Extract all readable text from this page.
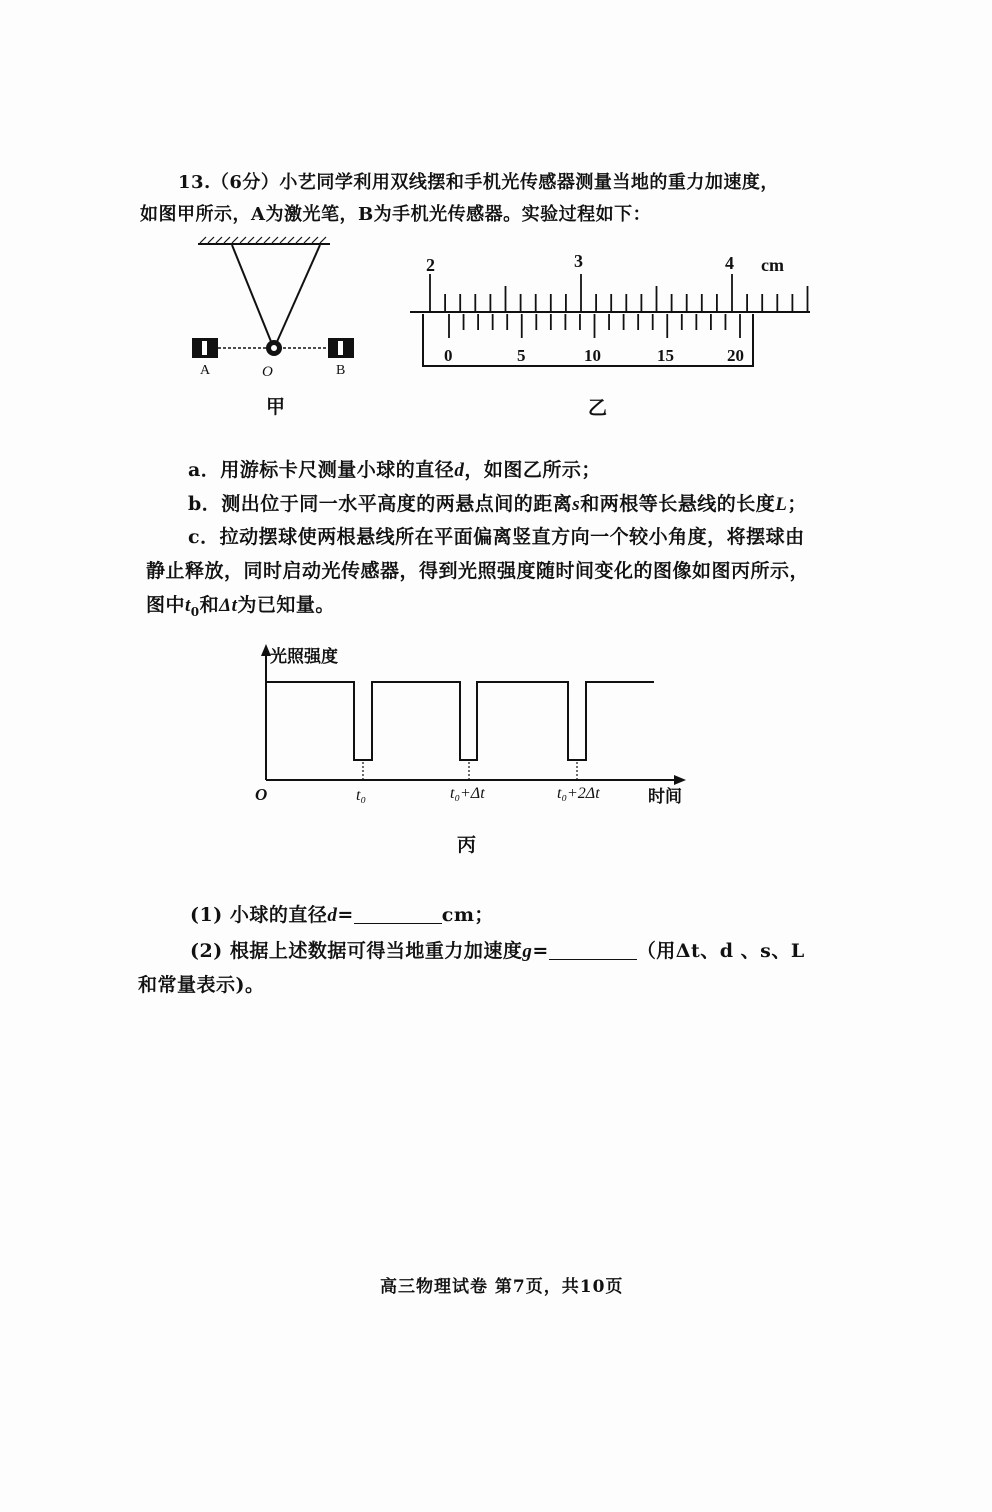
13.（6分）小艺同学利用双线摆和手机光传感器测量当地的重力加速度，
如图甲所示，A为激光笔，B为手机光传感器。实验过程如下：
A	O	B
甲
2	3	4 cm
0	5	10	15	20
乙
a．用游标卡尺测量小球的直径d，如图乙所示；
b．测出位于同一水平高度的两悬点间的距离s和两根等长悬线的长度L；
c．拉动摆球使两根悬线所在平面偏离竖直方向一个较小角度，将摆球由
静止释放，同时启动光传感器，得到光照强度随时间变化的图像如图丙所示，
图中$t_0$和Δt为已知量。
光照强度
O	t₀	t₀+Δt	t₀+2Δt	时间
丙
(1) 小球的直径d=	cm；
(2) 根据上述数据可得当地重力加速度g=	（用Δt、d 、s、L
和常量表示)。
高三物理试卷 第7页，共10页
